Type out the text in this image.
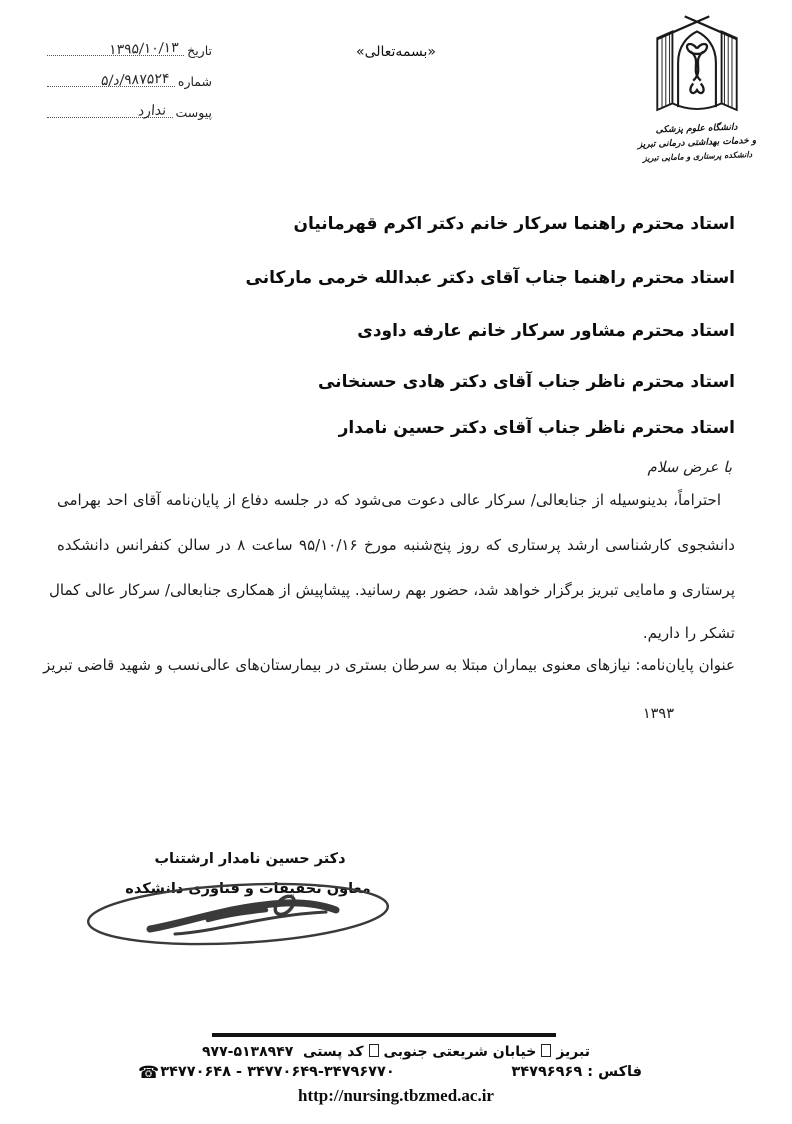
تاریخ
۱۳۹۵/۱۰/۱۳
شماره
۵/د/۹۸۷۵۲۴
پیوست
ندارد
«بسمه‌تعالی»
دانشگاه علوم پزشکی
و خدمات بهداشتی درمانی تبریز
دانشکده پرستاری و مامایی تبریز
استاد محترم راهنما سرکار خانم دکتر اکرم قهرمانیان
استاد محترم راهنما جناب آقای دکتر عبدالله خرمی مارکانی
استاد محترم مشاور سرکار خانم عارفه داودی
استاد محترم ناظر جناب آقای دکتر هادی حسنخانی
استاد محترم ناظر جناب آقای دکتر حسین نامدار
با عرض سلام
احتراماً، بدینوسیله از جنابعالی/ سرکار عالی دعوت می‌شود که در جلسه دفاع از پایان‌نامه آقای احد بهرامی
دانشجوی کارشناسی ارشد پرستاری که روز پنج‌شنبه مورخ ۹۵/۱۰/۱۶ ساعت ۸ در سالن کنفرانس دانشکده
پرستاری و مامایی تبریز برگزار خواهد شد، حضور بهم رسانید. پیشاپیش از همکاری جنابعالی/ سرکار عالی کمال
تشکر را داریم.
عنوان پایان‌نامه: نیازهای معنوی بیماران مبتلا به سرطان بستری در بیمارستان‌های عالی‌نسب و شهید قاضی تبریز
۱۳۹۳
دکتر حسین نامدار ارشتناب
معاون تحقیقات و فناوری دانشکده
تبریزخیابان شریعتی جنوبیکد پستی  ۵۱۳۸۹۴۷-۹۷۷
فاکس : ۳۴۷۹۶۹۶۹
☎۳۴۷۷۰۶۴۸ - ۳۴۷۷۰۶۴۹-۳۴۷۹۶۷۷۰
http://nursing.tbzmed.ac.ir
